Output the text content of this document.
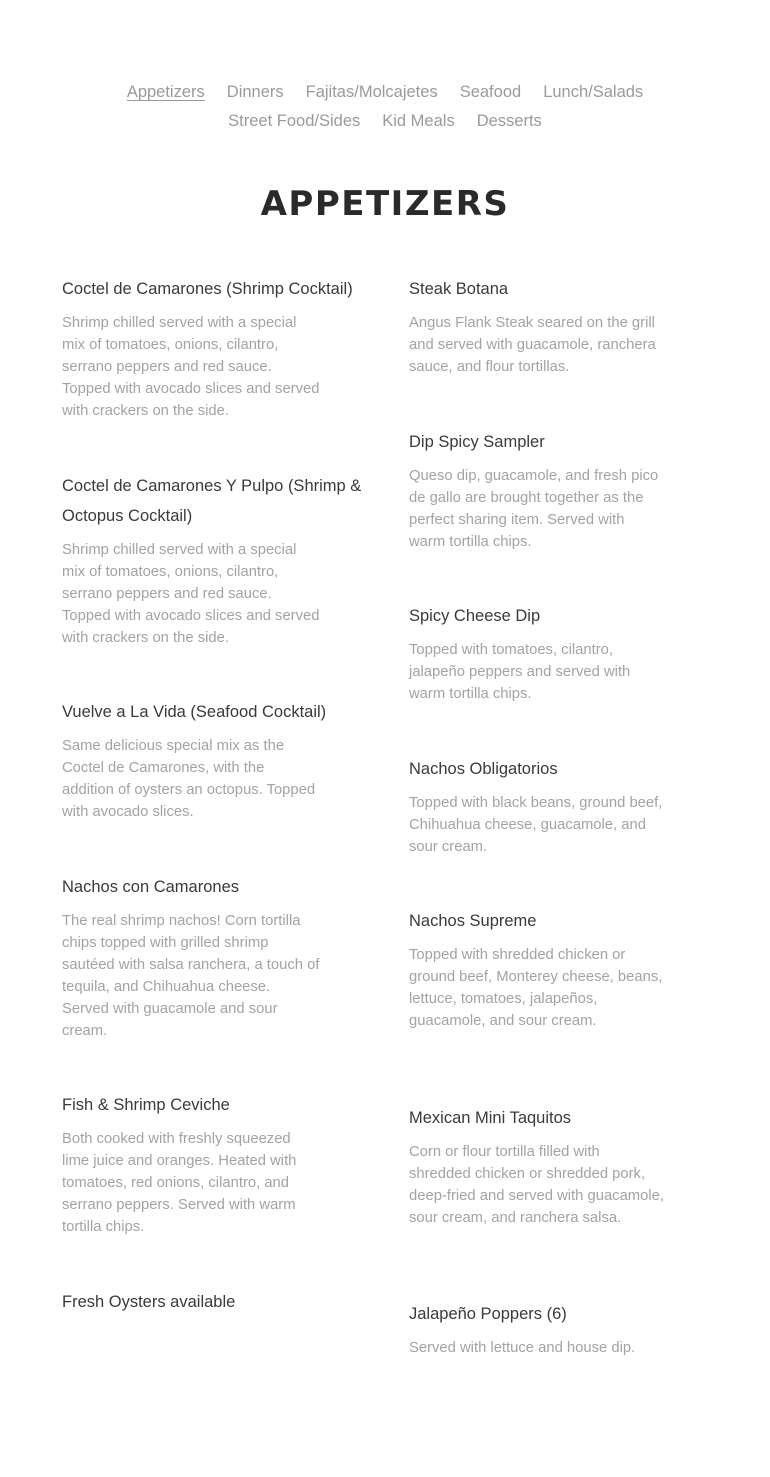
Appetizers Dinners Fajitas/Molcajetes Seafood Lunch/Salads
Street Food/Sides Kid Meals Desserts
APPETIZERS
Coctel de Camarones (Shrimp Cocktail)

Shrimp chilled served with a special mix of tomatoes, onions, cilantro, serrano peppers and red sauce. Topped with avocado slices and served with crackers on the side.

Coctel de Camarones Y Pulpo (Shrimp & Octopus Cocktail)

Shrimp chilled served with a special mix of tomatoes, onions, cilantro, serrano peppers and red sauce. Topped with avocado slices and served with crackers on the side.

Vuelve a La Vida (Seafood Cocktail)

Same delicious special mix as the Coctel de Camarones, with the addition of oysters an octopus. Topped with avocado slices.

Nachos con Camarones

The real shrimp nachos! Corn tortilla chips topped with grilled shrimp sautéed with salsa ranchera, a touch of tequila, and Chihuahua cheese. Served with guacamole and sour cream.

Fish & Shrimp Ceviche

Both cooked with freshly squeezed lime juice and oranges. Heated with tomatoes, red onions, cilantro, and serrano peppers. Served with warm tortilla chips.

Fresh Oysters available
Steak Botana

Angus Flank Steak seared on the grill and served with guacamole, ranchera sauce, and flour tortillas.

Dip Spicy Sampler

Queso dip, guacamole, and fresh pico de gallo are brought together as the perfect sharing item. Served with warm tortilla chips.

Spicy Cheese Dip

Topped with tomatoes, cilantro, jalapeño peppers and served with warm tortilla chips.

Nachos Obligatorios

Topped with black beans, ground beef, Chihuahua cheese, guacamole, and sour cream.

Nachos Supreme

Topped with shredded chicken or ground beef, Monterey cheese, beans, lettuce, tomatoes, jalapeños, guacamole, and sour cream.

Mexican Mini Taquitos

Corn or flour tortilla filled with shredded chicken or shredded pork, deep-fried and served with guacamole, sour cream, and ranchera salsa.

Jalapeño Poppers (6)

Served with lettuce and house dip.
